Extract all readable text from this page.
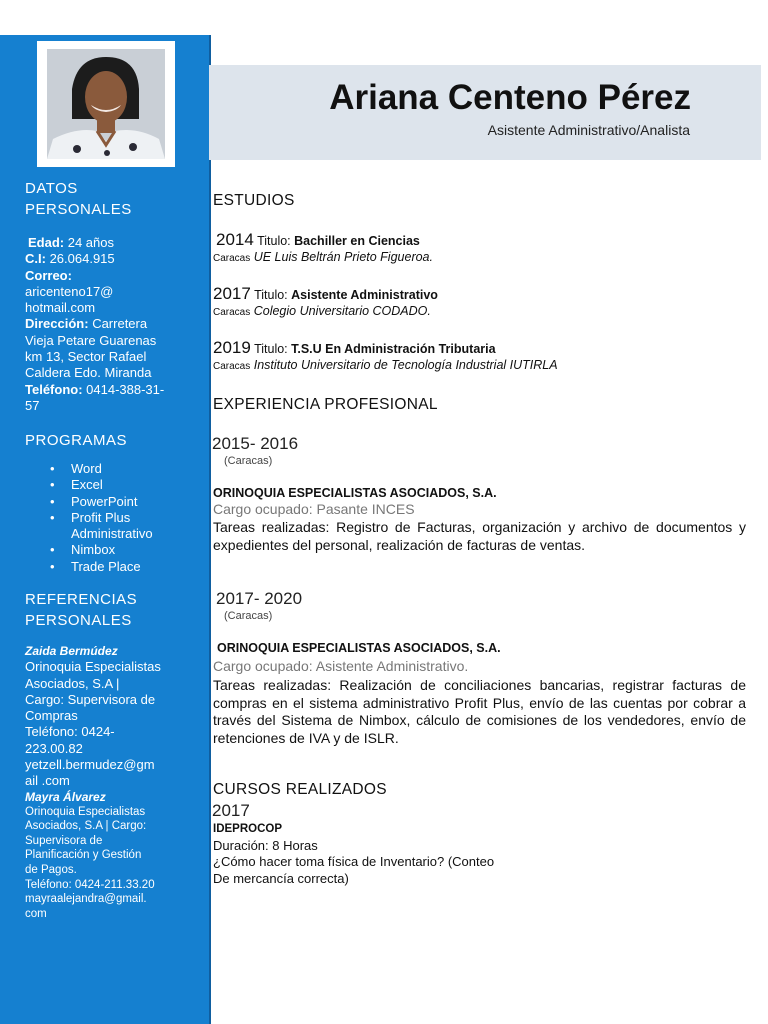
DATOS
PERSONALES
Edad: 24 años
C.I: 26.064.915
Correo:
aricenteno17@
hotmail.com
Dirección: Carretera
Vieja Petare Guarenas
km 13, Sector Rafael
Caldera Edo. Miranda
Teléfono: 0414-388-31-
57
PROGRAMAS
• Word
• Excel
• PowerPoint
• Profit Plus
Administrativo
• Nimbox
• Trade Place
REFERENCIAS
PERSONALES
Zaida Bermúdez
Orinoquia Especialistas
Asociados, S.A |
Cargo: Supervisora de
Compras
Teléfono: 0424-
223.00.82
yetzell.bermudez@gm
ail .com
Mayra Álvarez
Orinoquia Especialistas
Asociados, S.A | Cargo:
Supervisora de
Planificación y Gestión
de Pagos.
Teléfono: 0424-211.33.20
mayraalejandra@gmail.
com
Ariana Centeno Pérez
Asistente Administrativo/Analista
ESTUDIOS
2014 Titulo: Bachiller en Ciencias
Caracas UE Luis Beltrán Prieto Figueroa.
2017 Titulo: Asistente Administrativo
Caracas Colegio Universitario CODADO.
2019 Titulo: T.S.U En Administración Tributaria
Caracas Instituto Universitario de Tecnología Industrial IUTIRLA
EXPERIENCIA PROFESIONAL
2015- 2016
(Caracas)
ORINOQUIA ESPECIALISTAS ASOCIADOS, S.A.
Cargo ocupado: Pasante INCES
Tareas realizadas: Registro de Facturas, organización y archivo de documentos y expedientes del personal, realización de facturas de ventas.
2017- 2020
(Caracas)
ORINOQUIA ESPECIALISTAS ASOCIADOS, S.A.
Cargo ocupado: Asistente Administrativo.
Tareas realizadas: Realización de conciliaciones bancarias, registrar facturas de compras en el sistema administrativo Profit Plus, envío de las cuentas por cobrar a través del Sistema de Nimbox, cálculo de comisiones de los vendedores, envío de retenciones de IVA y de ISLR.
CURSOS REALIZADOS
2017
IDEPROCOP
Duración: 8 Horas
¿Cómo hacer toma física de Inventario? (Conteo
De mercancía correcta)
